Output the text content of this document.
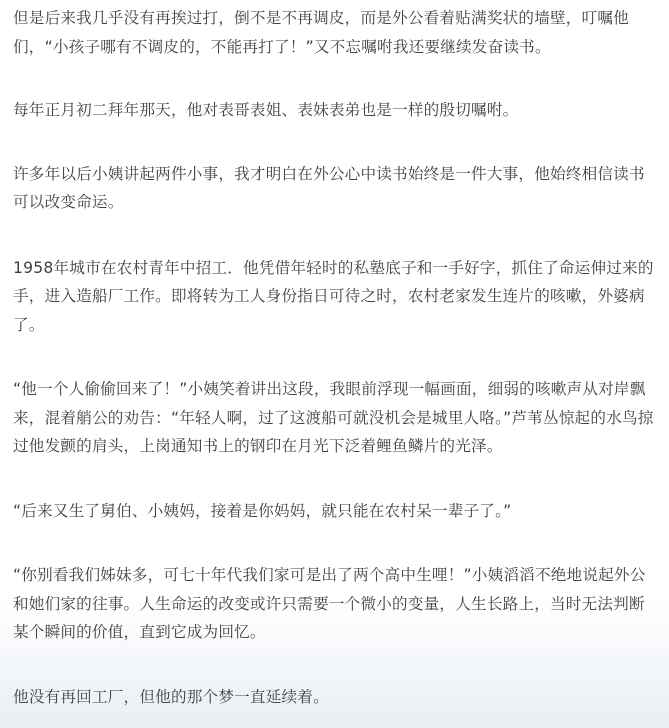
但是后来我几乎没有再挨过打，倒不是不再调皮，而是外公看着贴满奖状的墙壁，叮嘱他们，“小孩子哪有不调皮的，不能再打了！”又不忘嘱咐我还要继续发奋读书。

每年正月初二拜年那天，他对表哥表姐、表妹表弟也是一样的殷切嘱咐。

许多年以后小姨讲起两件小事，我才明白在外公心中读书始终是一件大事，他始终相信读书可以改变命运。

1958年城市在农村青年中招工．他凭借年轻时的私塾底子和一手好字，抓住了命运伸过来的手，进入造船厂工作。即将转为工人身份指日可待之时，农村老家发生连片的咳嗽，外婆病了。

“他一个人偷偷回来了！”小姨笑着讲出这段，我眼前浮现一幅画面，细弱的咳嗽声从对岸飘来，混着艄公的劝告：“年轻人啊，过了这渡船可就没机会是城里人咯。”芦苇丛惊起的水鸟掠过他发颤的肩头，上岗通知书上的钢印在月光下泛着鲤鱼鳞片的光泽。

“后来又生了舅伯、小姨妈，接着是你妈妈，就只能在农村呆一辈子了。”

“你别看我们姊妹多，可七十年代我们家可是出了两个高中生哩！”小姨滔滔不绝地说起外公和她们家的往事。人生命运的改变或许只需要一个微小的变量，人生长路上，当时无法判断某个瞬间的价值，直到它成为回忆。

他没有再回工厂，但他的那个梦一直延续着。
